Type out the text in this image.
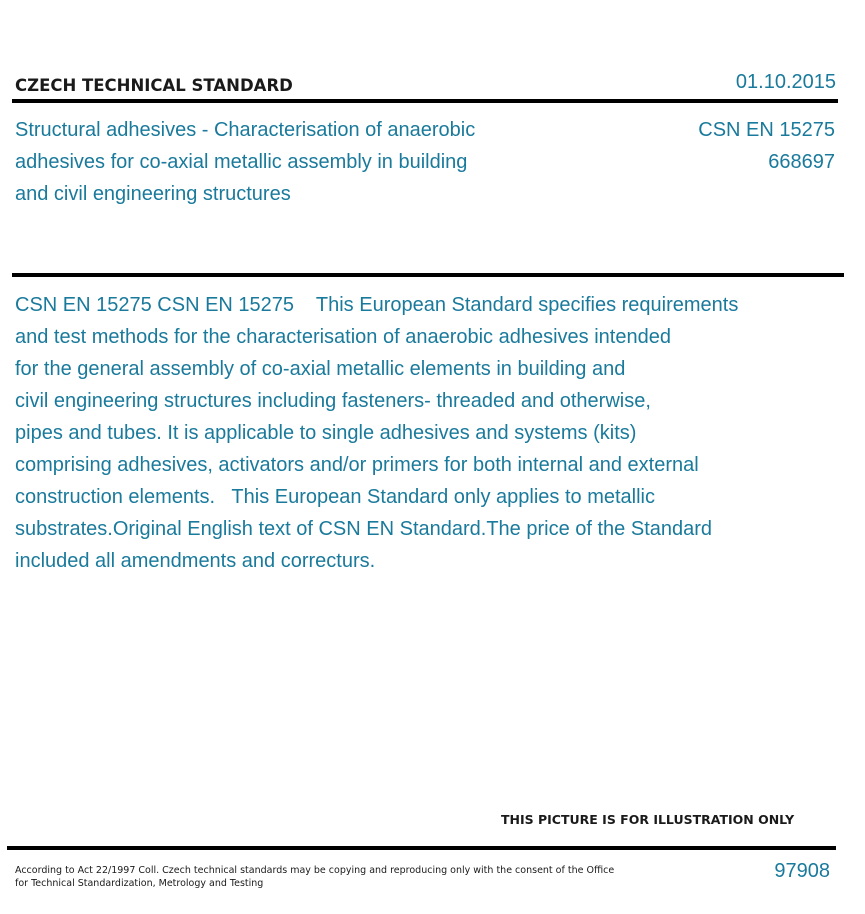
CZECH TECHNICAL STANDARD	01.10.2015
Structural adhesives - Characterisation of anaerobic
adhesives for co-axial metallic assembly in building
and civil engineering structures
CSN EN 15275
668697
CSN EN 15275 CSN EN 15275    This European Standard specifies requirements
and test methods for the characterisation of anaerobic adhesives intended
for the general assembly of co-axial metallic elements in building and
civil engineering structures including fasteners- threaded and otherwise,
pipes and tubes. It is applicable to single adhesives and systems (kits)
comprising adhesives, activators and/or primers for both internal and external
construction elements.   This European Standard only applies to metallic
substrates.Original English text of CSN EN Standard.The price of the Standard
included all amendments and correcturs.
THIS PICTURE IS FOR ILLUSTRATION ONLY
According to Act 22/1997 Coll. Czech technical standards may be copying and reproducing only with the consent of the Office
for Technical Standardization, Metrology and Testing
97908
